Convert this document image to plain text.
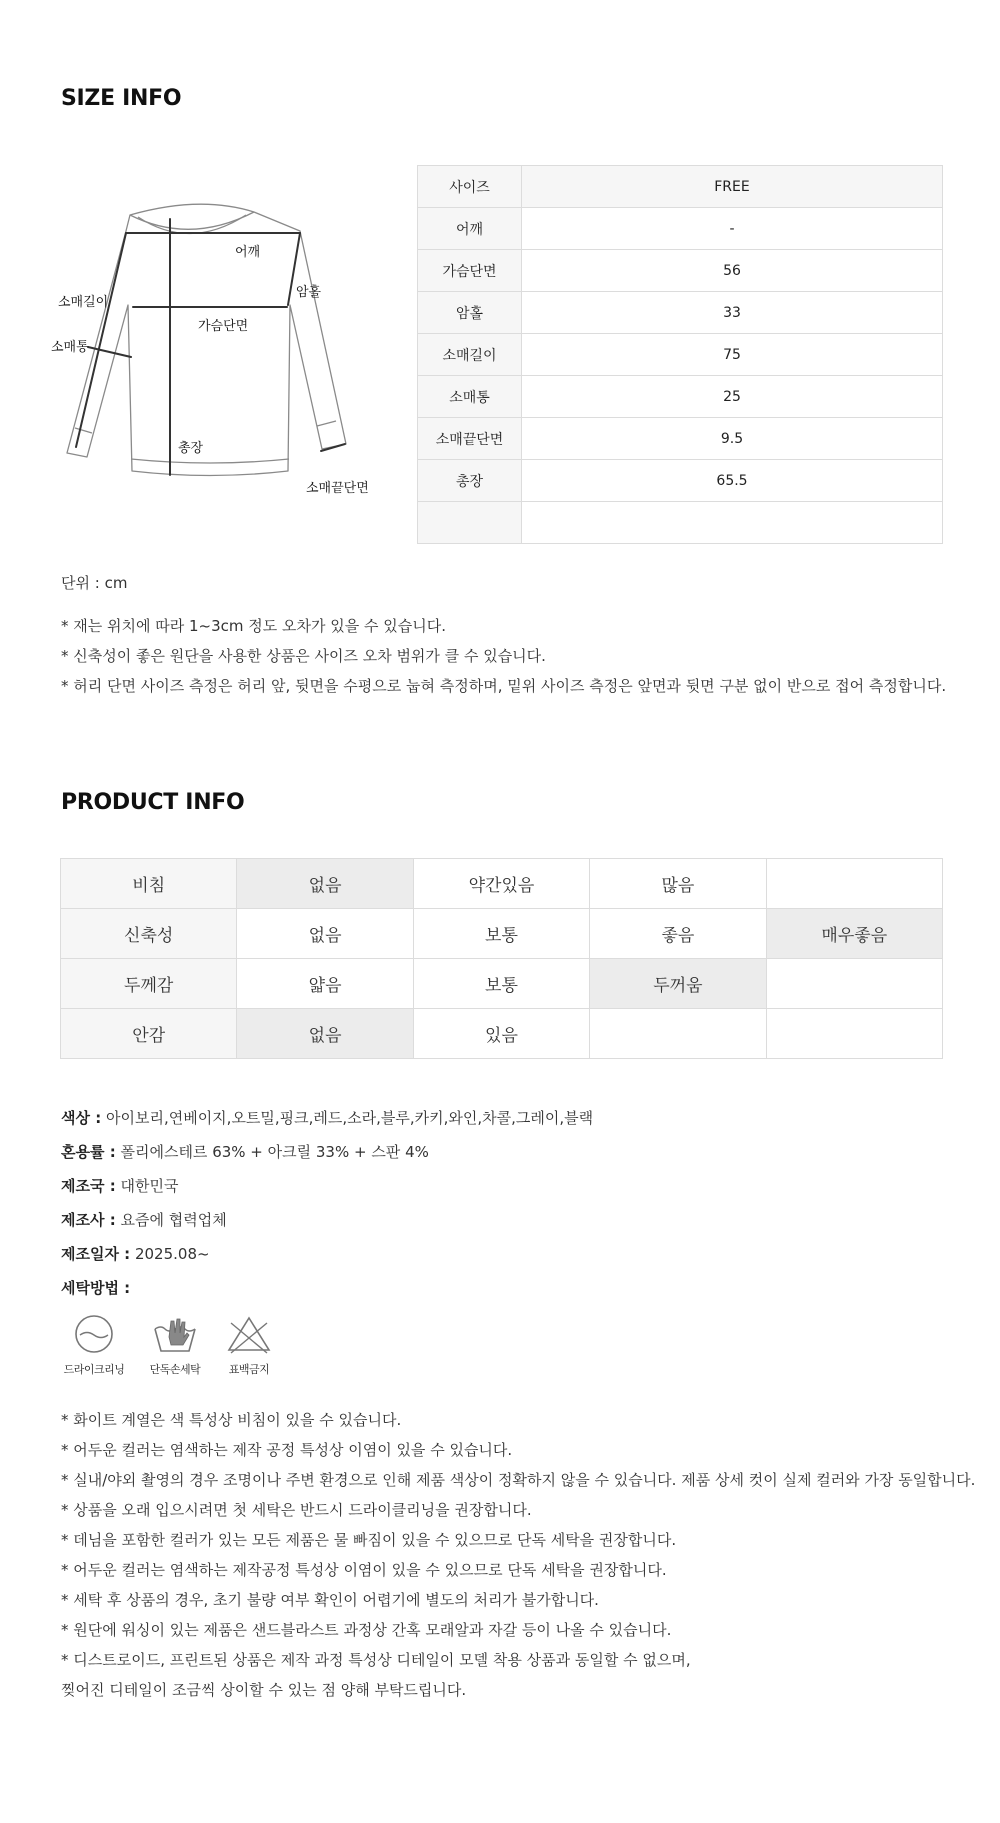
SIZE INFO
어깨
암홀
소매길이
가슴단면
소매통
총장
소매끝단면
사이즈	FREE
어깨	-
가슴단면	56
암홀	33
소매길이	75
소매통	25
소매끝단면	9.5
총장	65.5

단위 : cm
* 재는 위치에 따라 1~3cm 정도 오차가 있을 수 있습니다.
* 신축성이 좋은 원단을 사용한 상품은 사이즈 오차 범위가 클 수 있습니다.
* 허리 단면 사이즈 측정은 허리 앞, 뒷면을 수평으로 눕혀 측정하며, 밑위 사이즈 측정은 앞면과 뒷면 구분 없이 반으로 접어 측정합니다.
PRODUCT INFO
비침	없음	약간있음	많음	
신축성	없음	보통	좋음	매우좋음
두께감	얇음	보통	두꺼움	
안감	없음	있음		
색상 : 아이보리,연베이지,오트밀,핑크,레드,소라,블루,카키,와인,차콜,그레이,블랙
혼용률 : 폴리에스테르 63% + 아크릴 33% + 스판 4%
제조국 : 대한민국
제조사 : 요즘에 협력업체
제조일자 : 2025.08~
세탁방법 :
드라이크리닝	단독손세탁	표백금지
* 화이트 계열은 색 특성상 비침이 있을 수 있습니다.
* 어두운 컬러는 염색하는 제작 공정 특성상 이염이 있을 수 있습니다.
* 실내/야외 촬영의 경우 조명이나 주변 환경으로 인해 제품 색상이 정확하지 않을 수 있습니다. 제품 상세 컷이 실제 컬러와 가장 동일합니다.
* 상품을 오래 입으시려면 첫 세탁은 반드시 드라이클리닝을 권장합니다.
* 데님을 포함한 컬러가 있는 모든 제품은 물 빠짐이 있을 수 있으므로 단독 세탁을 권장합니다.
* 어두운 컬러는 염색하는 제작공정 특성상 이염이 있을 수 있으므로 단독 세탁을 권장합니다.
* 세탁 후 상품의 경우, 초기 불량 여부 확인이 어렵기에 별도의 처리가 불가합니다.
* 원단에 워싱이 있는 제품은 샌드블라스트 과정상 간혹 모래알과 자갈 등이 나올 수 있습니다.
* 디스트로이드, 프린트된 상품은 제작 과정 특성상 디테일이 모델 착용 상품과 동일할 수 없으며,
찢어진 디테일이 조금씩 상이할 수 있는 점 양해 부탁드립니다.
